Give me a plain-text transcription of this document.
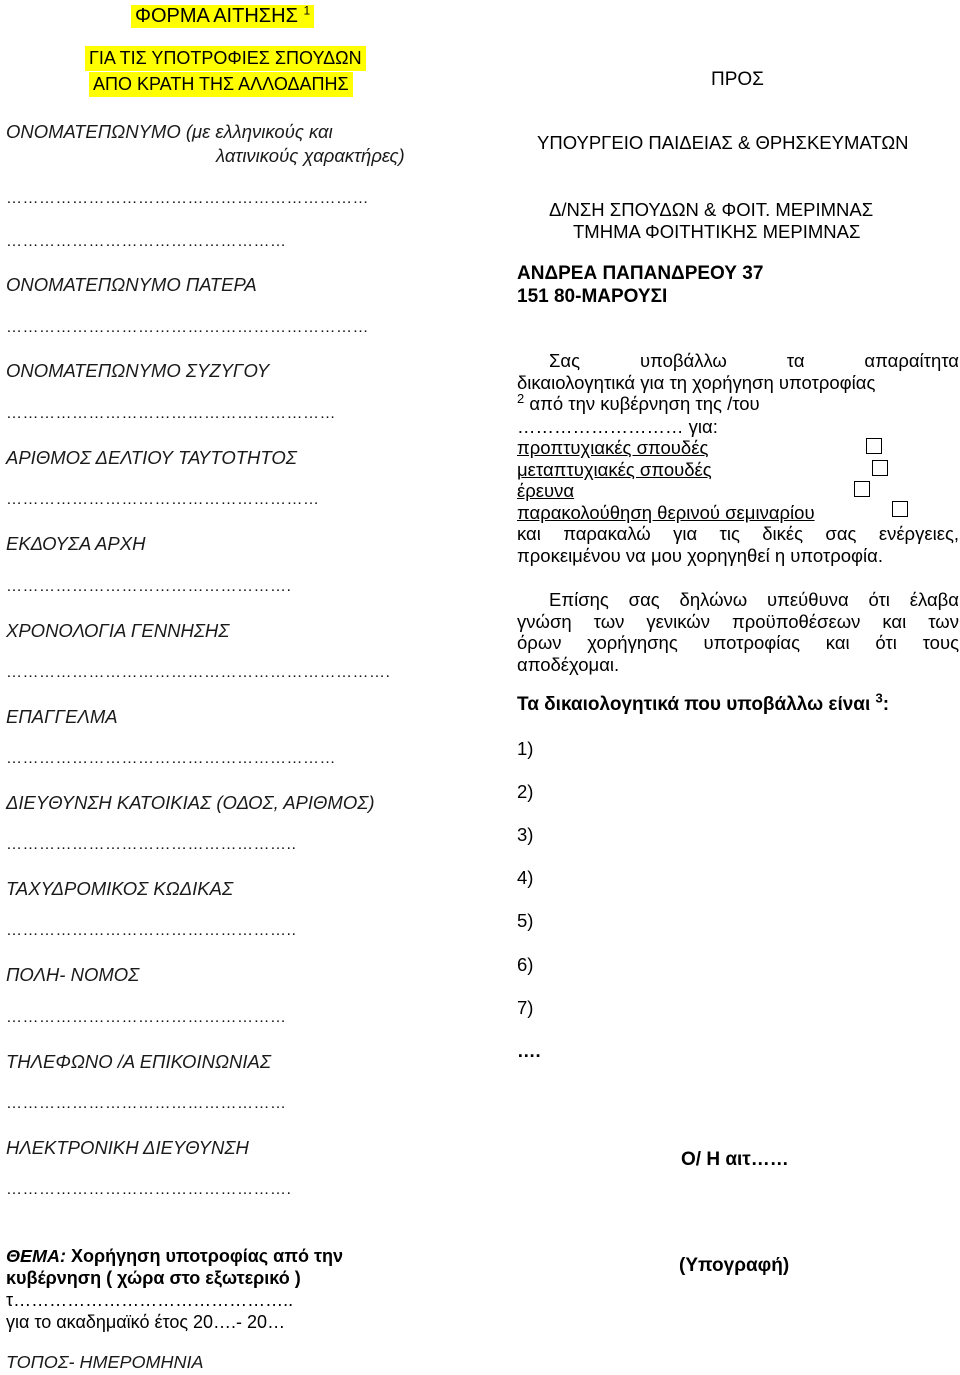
ΦΟΡΜΑ ΑΙΤΗΣΗΣ $^1$
ΓΙΑ ΤΙΣ ΥΠΟΤΡΟΦΙΕΣ ΣΠΟΥΔΩΝ
ΑΠΟ ΚΡΑΤΗ ΤΗΣ ΑΛΛΟΔΑΠΗΣ
ΟΝΟΜΑΤΕΠΩΝΥΜΟ (με ελληνικούς και
λατινικούς χαρακτήρες)
…………………………………………………………
……………………………………………
ΟΝΟΜΑΤΕΠΩΝΥΜΟ ΠΑΤΕΡΑ
…………………………………………………………
ΟΝΟΜΑΤΕΠΩΝΥΜΟ ΣΥΖΥΓΟΥ
……………………………………………………
ΑΡΙΘΜΟΣ ΔΕΛΤΙΟΥ ΤΑΥΤΟΤΗΤΟΣ
…………………………………………………
ΕΚΔΟΥΣΑ ΑΡΧΗ
…………………………………………….
ΧΡΟΝΟΛΟΓΙΑ ΓΕΝΝΗΣΗΣ
…………………………………………………………….
ΕΠΑΓΓΕΛΜΑ
……………………………………………………
ΔΙΕΥΘΥΝΣΗ ΚΑΤΟΙΚΙΑΣ (ΟΔΟΣ, ΑΡΙΘΜΟΣ)
……………………………………………..
ΤΑΧΥΔΡΟΜΙΚΟΣ ΚΩΔΙΚΑΣ
……………………………………………..
ΠΟΛΗ- ΝΟΜΟΣ
……………………………………………
ΤΗΛΕΦΩΝΟ /Α ΕΠΙΚΟΙΝΩΝΙΑΣ
……………………………………………
ΗΛΕΚΤΡΟΝΙΚΗ ΔΙΕΥΘΥΝΣΗ
…………………………………………….
ΘΕΜΑ: Χορήγηση υποτροφίας από την
κυβέρνηση ( χώρα στο εξωτερικό )
τ………………………………………..
για το ακαδημαϊκό έτος 20….- 20…
ΤΟΠΟΣ- ΗΜΕΡΟΜΗΝΙΑ
ΠΡΟΣ
ΥΠΟΥΡΓΕΙΟ ΠΑΙΔΕΙΑΣ & ΘΡΗΣΚΕΥΜΑΤΩΝ
Δ/ΝΣΗ ΣΠΟΥΔΩΝ & ΦΟΙΤ. ΜΕΡΙΜΝΑΣ
ΤΜΗΜΑ ΦΟΙΤΗΤΙΚΗΣ ΜΕΡΙΜΝΑΣ
ΑΝΔΡΕΑ ΠΑΠΑΝΔΡΕΟΥ 37
151 80-ΜΑΡΟΥΣΙ
Σας υποβάλλω τα απαραίτητα
δικαιολογητικά για τη χορήγηση υποτροφίας
$^2$ από την κυβέρνηση της /του
……………………… για:
προπτυχιακές σπουδές
μεταπτυχιακές σπουδές
έρευνα
παρακολούθηση θερινού σεμιναρίου
και παρακαλώ για τις δικές σας ενέργειες,
προκειμένου να μου χορηγηθεί η υποτροφία.
Επίσης σας δηλώνω υπεύθυνα ότι έλαβα
γνώση των γενικών προϋποθέσεων και των
όρων χορήγησης υποτροφίας και ότι τους
αποδέχομαι.
Τα δικαιολογητικά που υποβάλλω είναι $^3$:
1)
2)
3)
4)
5)
6)
7)
….
Ο/ Η αιτ……
(Υπογραφή)
